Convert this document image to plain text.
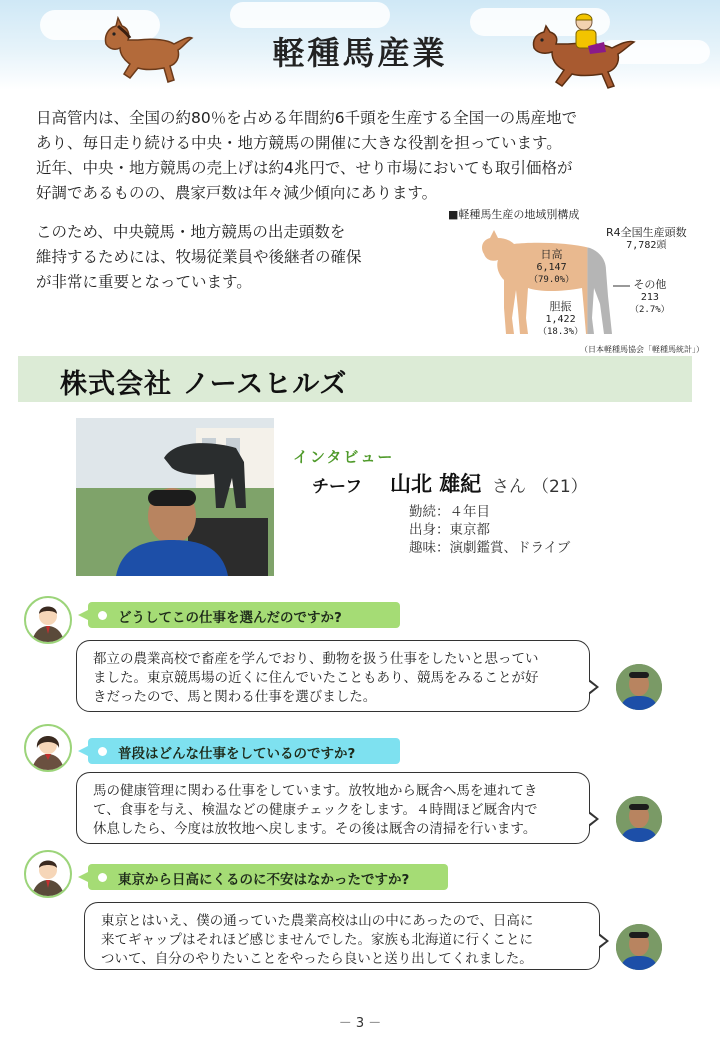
軽種馬産業
日高管内は、全国の約80％を占める年間約6千頭を生産する全国一の馬産地で
あり、毎日走り続ける中央・地方競馬の開催に大きな役割を担っています。
近年、中央・地方競馬の売上げは約4兆円で、せり市場においても取引価格が
好調であるものの、農家戸数は年々減少傾向にあります。
このため、中央競馬・地方競馬の出走頭数を
維持するためには、牧場従業員や後継者の確保
が非常に重要となっています。
■軽種馬生産の地域別構成
R4全国生産頭数
7,782頭
日高
6,147
（79.0%）
胆振
1,422
（18.3%）
その他
213
（2.7%）
（日本軽種馬協会「軽種馬統計」）
株式会社 ノースヒルズ
インタビュー
チーフ 山北 雄紀 さん （21）
勤続：４年目
出身：東京都
趣味：演劇鑑賞、ドライブ
どうしてこの仕事を選んだのですか?
都立の農業高校で畜産を学んでおり、動物を扱う仕事をしたいと思ってい
ました。東京競馬場の近くに住んでいたこともあり、競馬をみることが好
きだったので、馬と関わる仕事を選びました。
普段はどんな仕事をしているのですか?
馬の健康管理に関わる仕事をしています。放牧地から厩舎へ馬を連れてき
て、食事を与え、検温などの健康チェックをします。４時間ほど厩舎内で
休息したら、今度は放牧地へ戻します。その後は厩舎の清掃を行います。
東京から日高にくるのに不安はなかったですか?
東京とはいえ、僕の通っていた農業高校は山の中にあったので、日高に
来てギャップはそれほど感じませんでした。家族も北海道に行くことに
ついて、自分のやりたいことをやったら良いと送り出してくれました。
－ 3 －
